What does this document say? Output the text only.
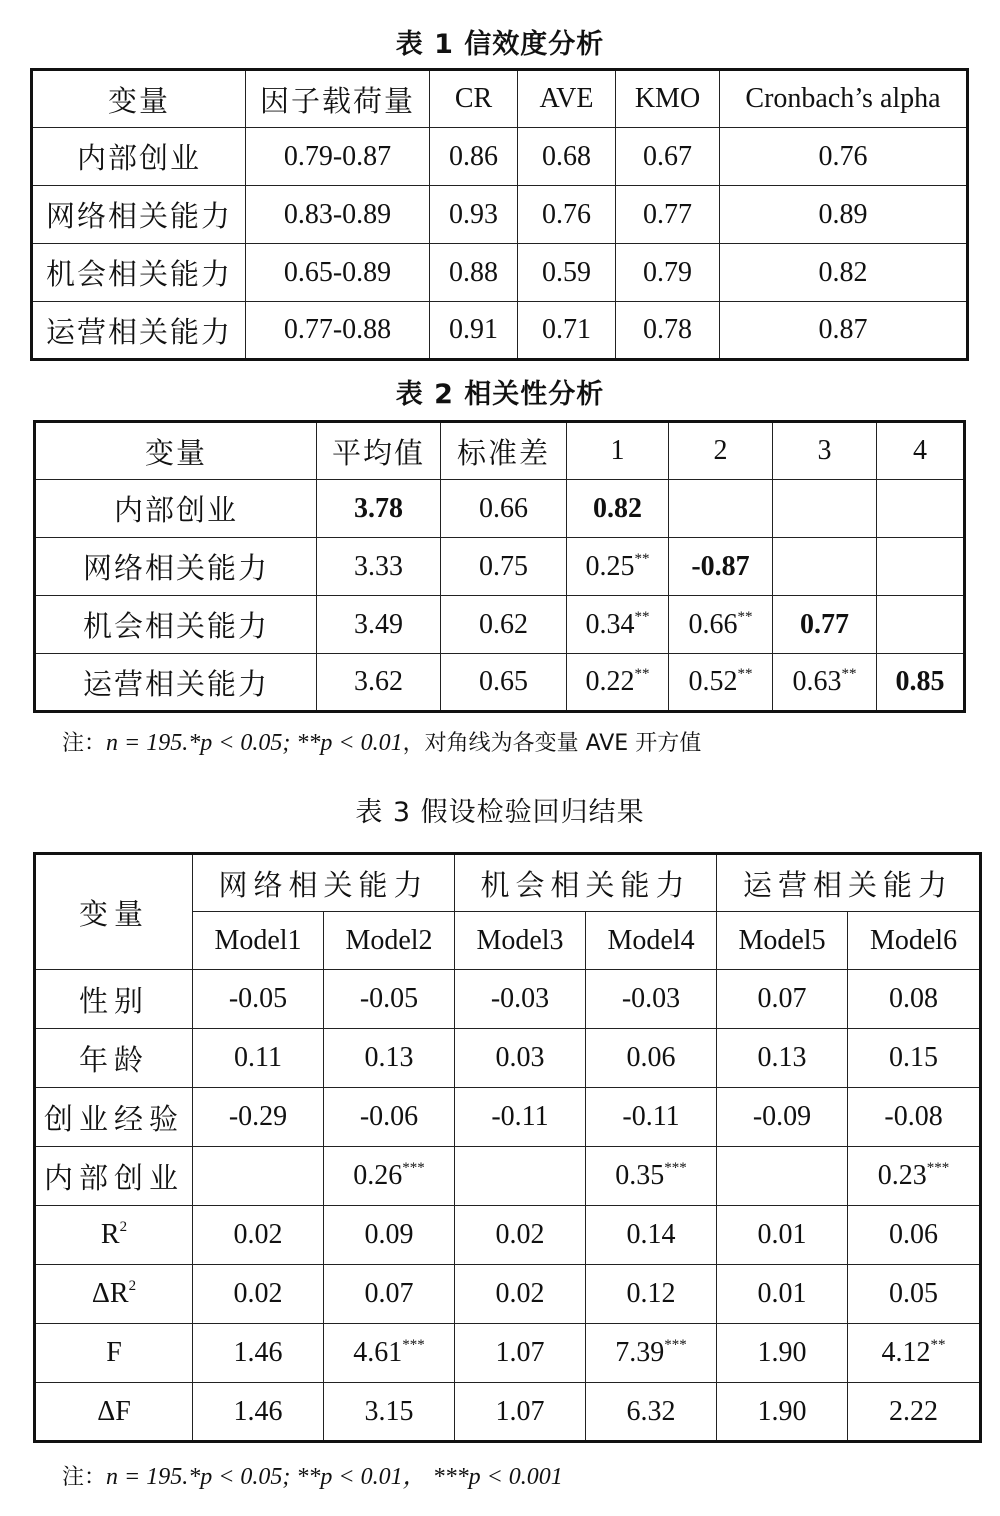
表 1 信效度分析
变量	因子载荷量	CR	AVE	KMO	Cronbach’s alpha
内部创业	0.79-0.87	0.86	0.68	0.67	0.76
网络相关能力	0.83-0.89	0.93	0.76	0.77	0.89
机会相关能力	0.65-0.89	0.88	0.59	0.79	0.82
运营相关能力	0.77-0.88	0.91	0.71	0.78	0.87
表 2 相关性分析
变量	平均值	标准差	1	2	3	4
内部创业	3.78	0.66	0.82			
网络相关能力	3.33	0.75	0.25**	-0.87		
机会相关能力	3.49	0.62	0.34**	0.66**	0.77	
运营相关能力	3.62	0.65	0.22**	0.52**	0.63**	0.85
注：n = 195.*p < 0.05; **p < 0.01，对角线为各变量 AVE 开方值
表 3 假设检验回归结果
变量	网络相关能力		机会相关能力		运营相关能力	
	Model1	Model2	Model3	Model4	Model5	Model6
性别	-0.05	-0.05	-0.03	-0.03	0.07	0.08
年龄	0.11	0.13	0.03	0.06	0.13	0.15
创业经验	-0.29	-0.06	-0.11	-0.11	-0.09	-0.08
内部创业		0.26***		0.35***		0.23***
$R^2$	0.02	0.09	0.02	0.14	0.01	0.06
$\Delta R^2$	0.02	0.07	0.02	0.12	0.01	0.05
F	1.46	4.61***	1.07	7.39***	1.90	4.12**
ΔF	1.46	3.15	1.07	6.32	1.90	2.22
注：n = 195.*p < 0.05; **p < 0.01， ***p < 0.001
